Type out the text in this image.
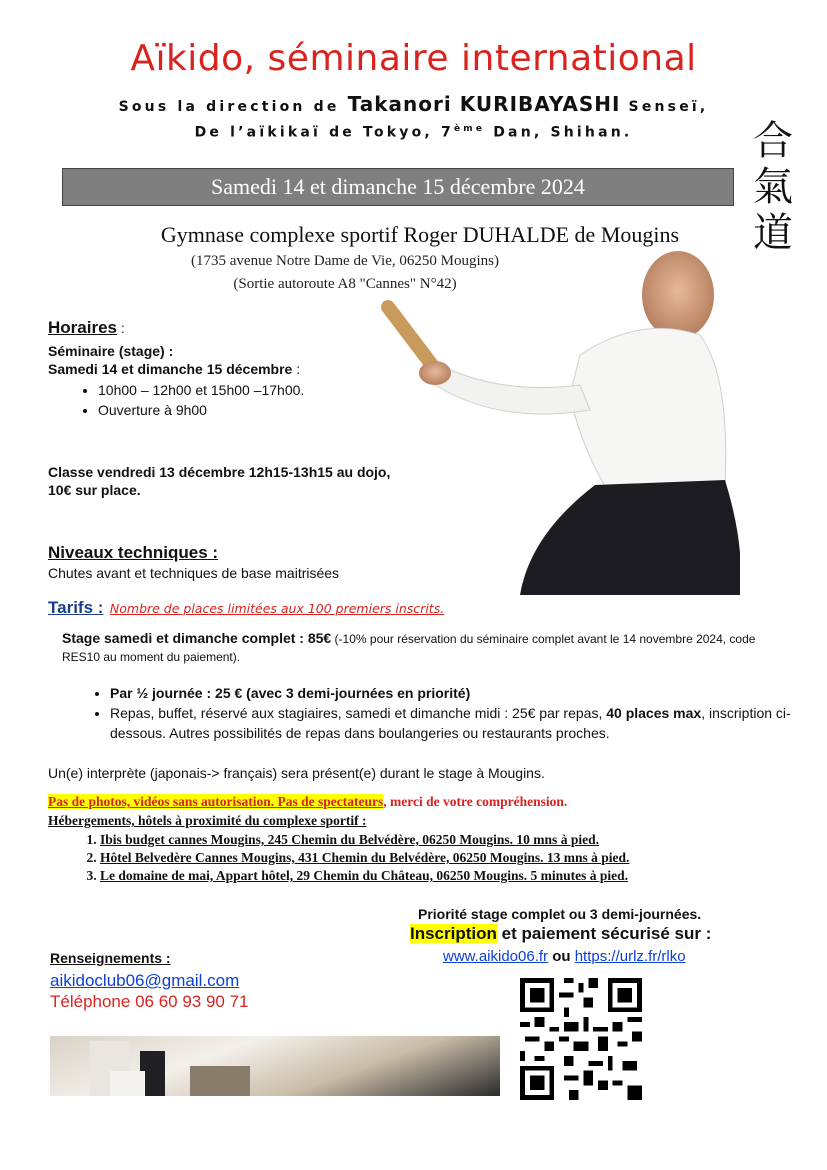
Aïkido, séminaire international
Sous la direction de Takanori KURIBAYASHI Senseï,
De l’aïkikaï de Tokyo, 7ème Dan, Shihan.	合
氣
道
Samedi 14 et dimanche 15 décembre 2024
Gymnase complexe sportif Roger DUHALDE de Mougins
(1735 avenue Notre Dame de Vie, 06250 Mougins)
(Sortie autoroute A8 "Cannes" N°42)
Horaires :
Séminaire (stage) :
Samedi 14 et dimanche 15 décembre :
• 10h00 – 12h00 et 15h00 –17h00.
• Ouverture à 9h00
Classe vendredi 13 décembre 12h15-13h15 au dojo,
10€ sur place.
Niveaux techniques :
Chutes avant et techniques de base maitrisées
Tarifs : Nombre de places limitées aux 100 premiers inscrits.
Stage samedi et dimanche complet : 85€ (-10% pour réservation du séminaire complet avant le 14 novembre 2024, code RES10 au moment du paiement).
• Par ½ journée : 25 € (avec 3 demi-journées en priorité)
• Repas, buffet, réservé aux stagiaires, samedi et dimanche midi : 25€ par repas, 40 places max, inscription ci-dessous. Autres possibilités de repas dans boulangeries ou restaurants proches.
Un(e) interprète (japonais-> français) sera présent(e) durant le stage à Mougins.
Pas de photos, vidéos sans autorisation. Pas de spectateurs, merci de votre compréhension.
Hébergements, hôtels à proximité du complexe sportif :
1. Ibis budget cannes Mougins, 245 Chemin du Belvédère, 06250 Mougins. 10 mns à pied.
2. Hôtel Belvedère Cannes Mougins, 431 Chemin du Belvédère, 06250 Mougins. 13 mns à pied.
3. Le domaine de mai, Appart hôtel, 29 Chemin du Château, 06250 Mougins. 5 minutes à pied.
Priorité stage complet ou 3 demi-journées.
Inscription et paiement sécurisé sur :
www.aikido06.fr ou https://urlz.fr/rlko
Renseignements :
aikidoclub06@gmail.com
Téléphone 06 60 93 90 71
